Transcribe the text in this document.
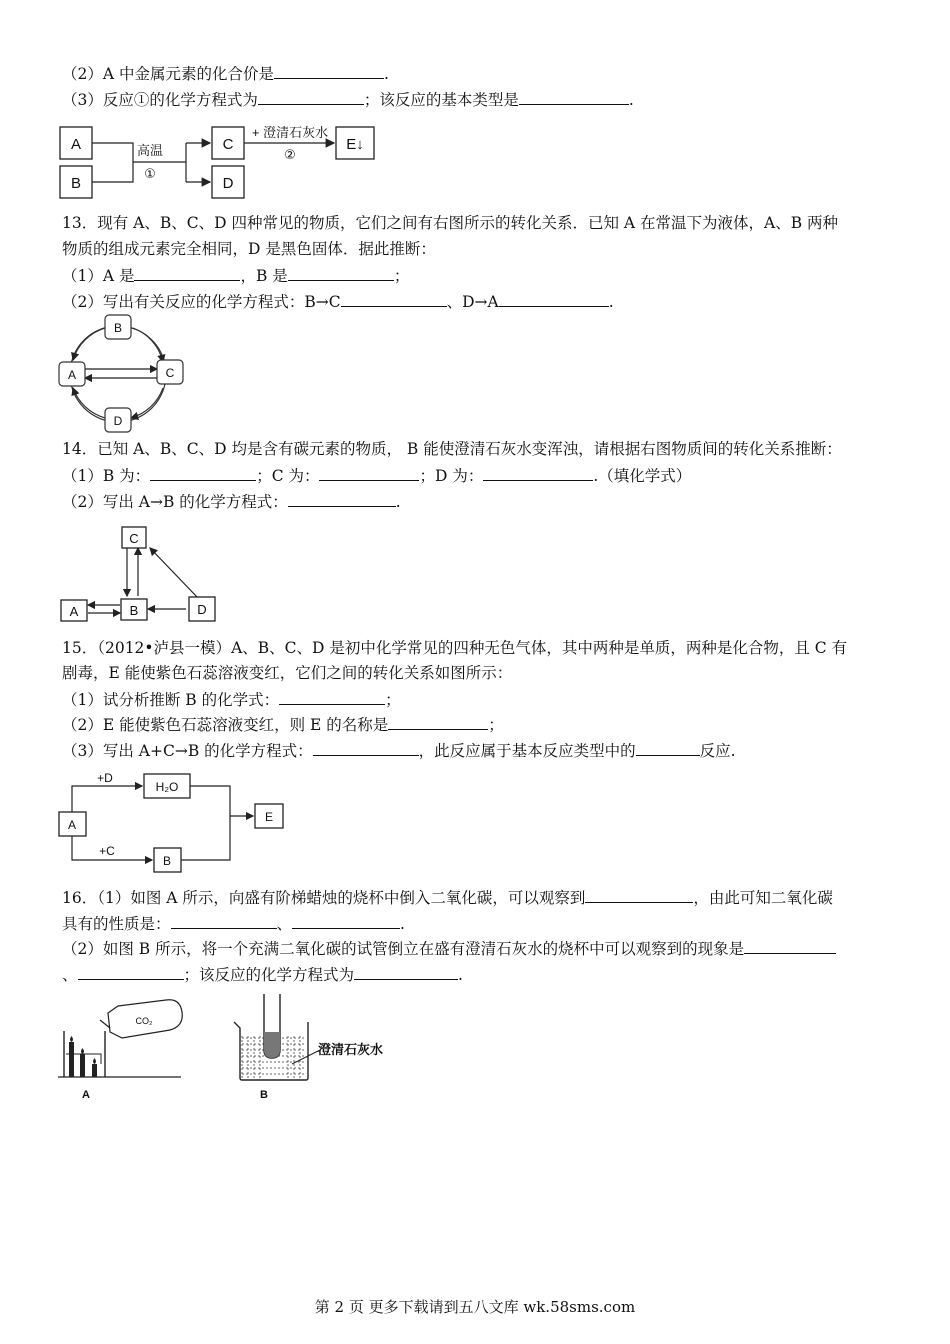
（2）A 中金属元素的化合价是	.
（3）反应①的化学方程式为	；该反应的基本类型是	.
A
B
高温
①
C
D
+ 澄清石灰水
②
E↓
13．现有 A、B、C、D 四种常见的物质，它们之间有右图所示的转化关系．已知 A 在常温下为液体，A、B 两种
物质的组成元素完全相同，D 是黑色固体．据此推断：
（1）A 是	，B 是	；
（2）写出有关反应的化学方程式：B→C	、D→A	.
B
A	C
D
14．已知 A、B、C、D 均是含有碳元素的物质， B 能使澄清石灰水变浑浊，请根据右图物质间的转化关系推断：
（1）B 为：	；C 为：	；D 为：	.（填化学式）
（2）写出 A→B 的化学方程式：	.
C
A	B	D
15．（2012•泸县一模）A、B、C、D 是初中化学常见的四种无色气体，其中两种是单质，两种是化合物，且 C 有
剧毒，E 能使紫色石蕊溶液变红，它们之间的转化关系如图所示：
（1）试分析推断 B 的化学式：	；
（2）E 能使紫色石蕊溶液变红，则 E 的名称是	；
（3）写出 A+C→B 的化学方程式：	，此反应属于基本反应类型中的	反应.
A
+D
+C
H₂O
B
E
16．（1）如图 A 所示，向盛有阶梯蜡烛的烧杯中倒入二氧化碳，可以观察到	，由此可知二氧化碳
具有的性质是：	、	.
（2）如图 B 所示，将一个充满二氧化碳的试管倒立在盛有澄清石灰水的烧杯中可以观察到的现象是
、	；该反应的化学方程式为	.
CO₂
A
澄清石灰水
B
第 2 页 更多下载请到五八文库 wk.58sms.com
